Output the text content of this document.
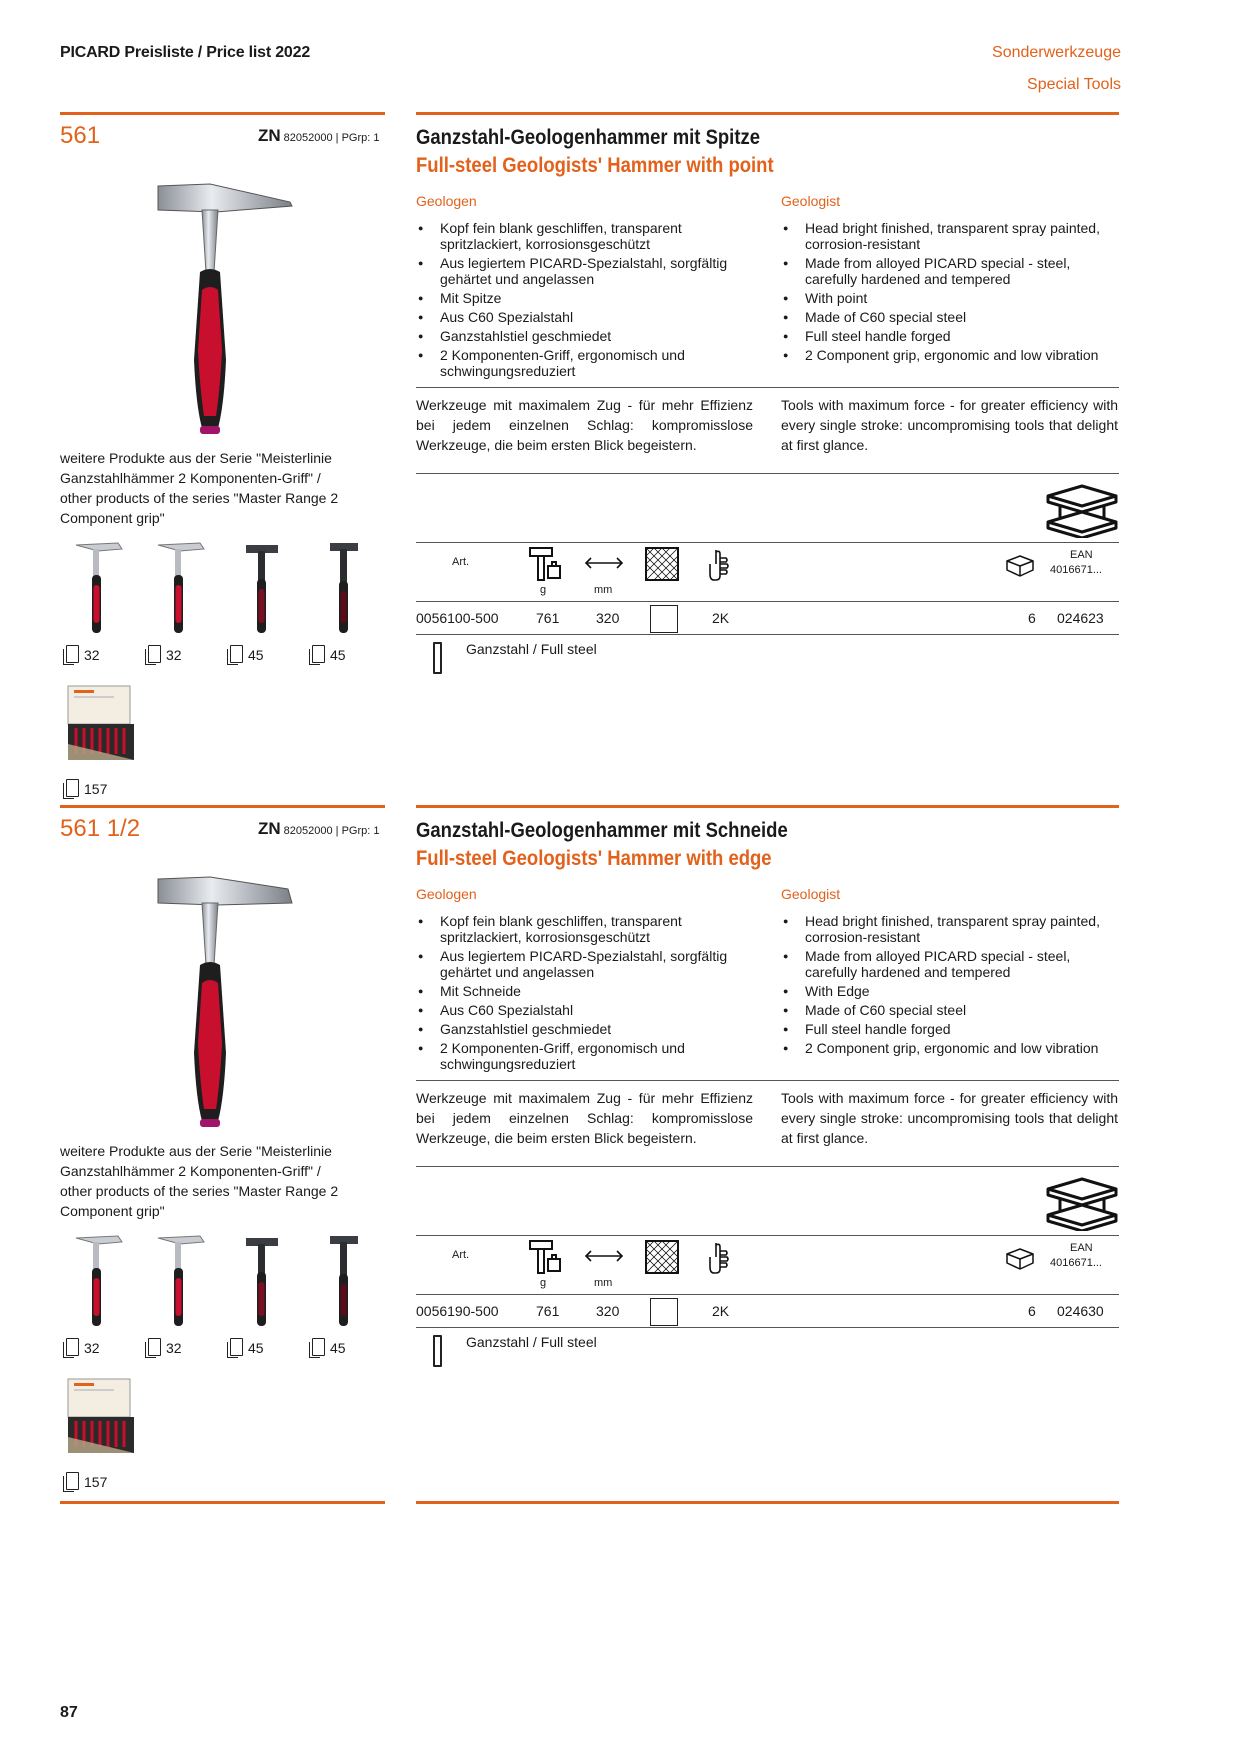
PICARD Preisliste / Price list 2022	Sonderwerkzeuge
Special Tools
561	ZN 82052000 | PGrp: 1 Ganzstahl-Geologenhammer mit Spitze
Full-steel Geologists' Hammer with point
Geologen	Geologist
● Kopf fein blank geschliffen, transparent spritzlackiert, korrosionsgeschützt
● Aus legiertem PICARD-Spezialstahl, sorgfältig gehärtet und angelassen
● Mit Spitze
● Aus C60 Spezialstahl
● Ganzstahlstiel geschmiedet
● 2 Komponenten-Griff, ergonomisch und schwingungsreduziert
● Head bright finished, transparent spray painted, corrosion-resistant
● Made from alloyed PICARD special - steel, carefully hardened and tempered
● With point
● Made of C60 special steel
● Full steel handle forged
● 2 Component grip, ergonomic and low vibration
Werkzeuge mit maximalem Zug - für mehr Effizienz bei jedem einzelnen Schlag: kompromisslose Werkzeuge, die beim ersten Blick begeistern.
Tools with maximum force - for greater efficiency with every single stroke: uncompromising tools that delight at first glance.
Art.
g	mm
EAN
4016671...
0056100-500	761	320	2K	6 024623
Ganzstahl / Full steel
weitere Produkte aus der Serie "Meisterlinie Ganzstahlhämmer 2 Komponenten-Griff" / other products of the series "Master Range 2 Component grip"
32	32	45	45
157
561 1/2	ZN 82052000 | PGrp: 1 Ganzstahl-Geologenhammer mit Schneide
Full-steel Geologists' Hammer with edge
Geologen	Geologist
● Kopf fein blank geschliffen, transparent spritzlackiert, korrosionsgeschützt
● Aus legiertem PICARD-Spezialstahl, sorgfältig gehärtet und angelassen
● Mit Schneide
● Aus C60 Spezialstahl
● Ganzstahlstiel geschmiedet
● 2 Komponenten-Griff, ergonomisch und schwingungsreduziert
● Head bright finished, transparent spray painted, corrosion-resistant
● Made from alloyed PICARD special - steel, carefully hardened and tempered
● With Edge
● Made of C60 special steel
● Full steel handle forged
● 2 Component grip, ergonomic and low vibration
Werkzeuge mit maximalem Zug - für mehr Effizienz bei jedem einzelnen Schlag: kompromisslose Werkzeuge, die beim ersten Blick begeistern.
Tools with maximum force - for greater efficiency with every single stroke: uncompromising tools that delight at first glance.
Art.
g	mm
EAN
4016671...
0056190-500	761	320	2K	6 024630
Ganzstahl / Full steel
weitere Produkte aus der Serie "Meisterlinie Ganzstahlhämmer 2 Komponenten-Griff" / other products of the series "Master Range 2 Component grip"
32	32	45	45
157
87
